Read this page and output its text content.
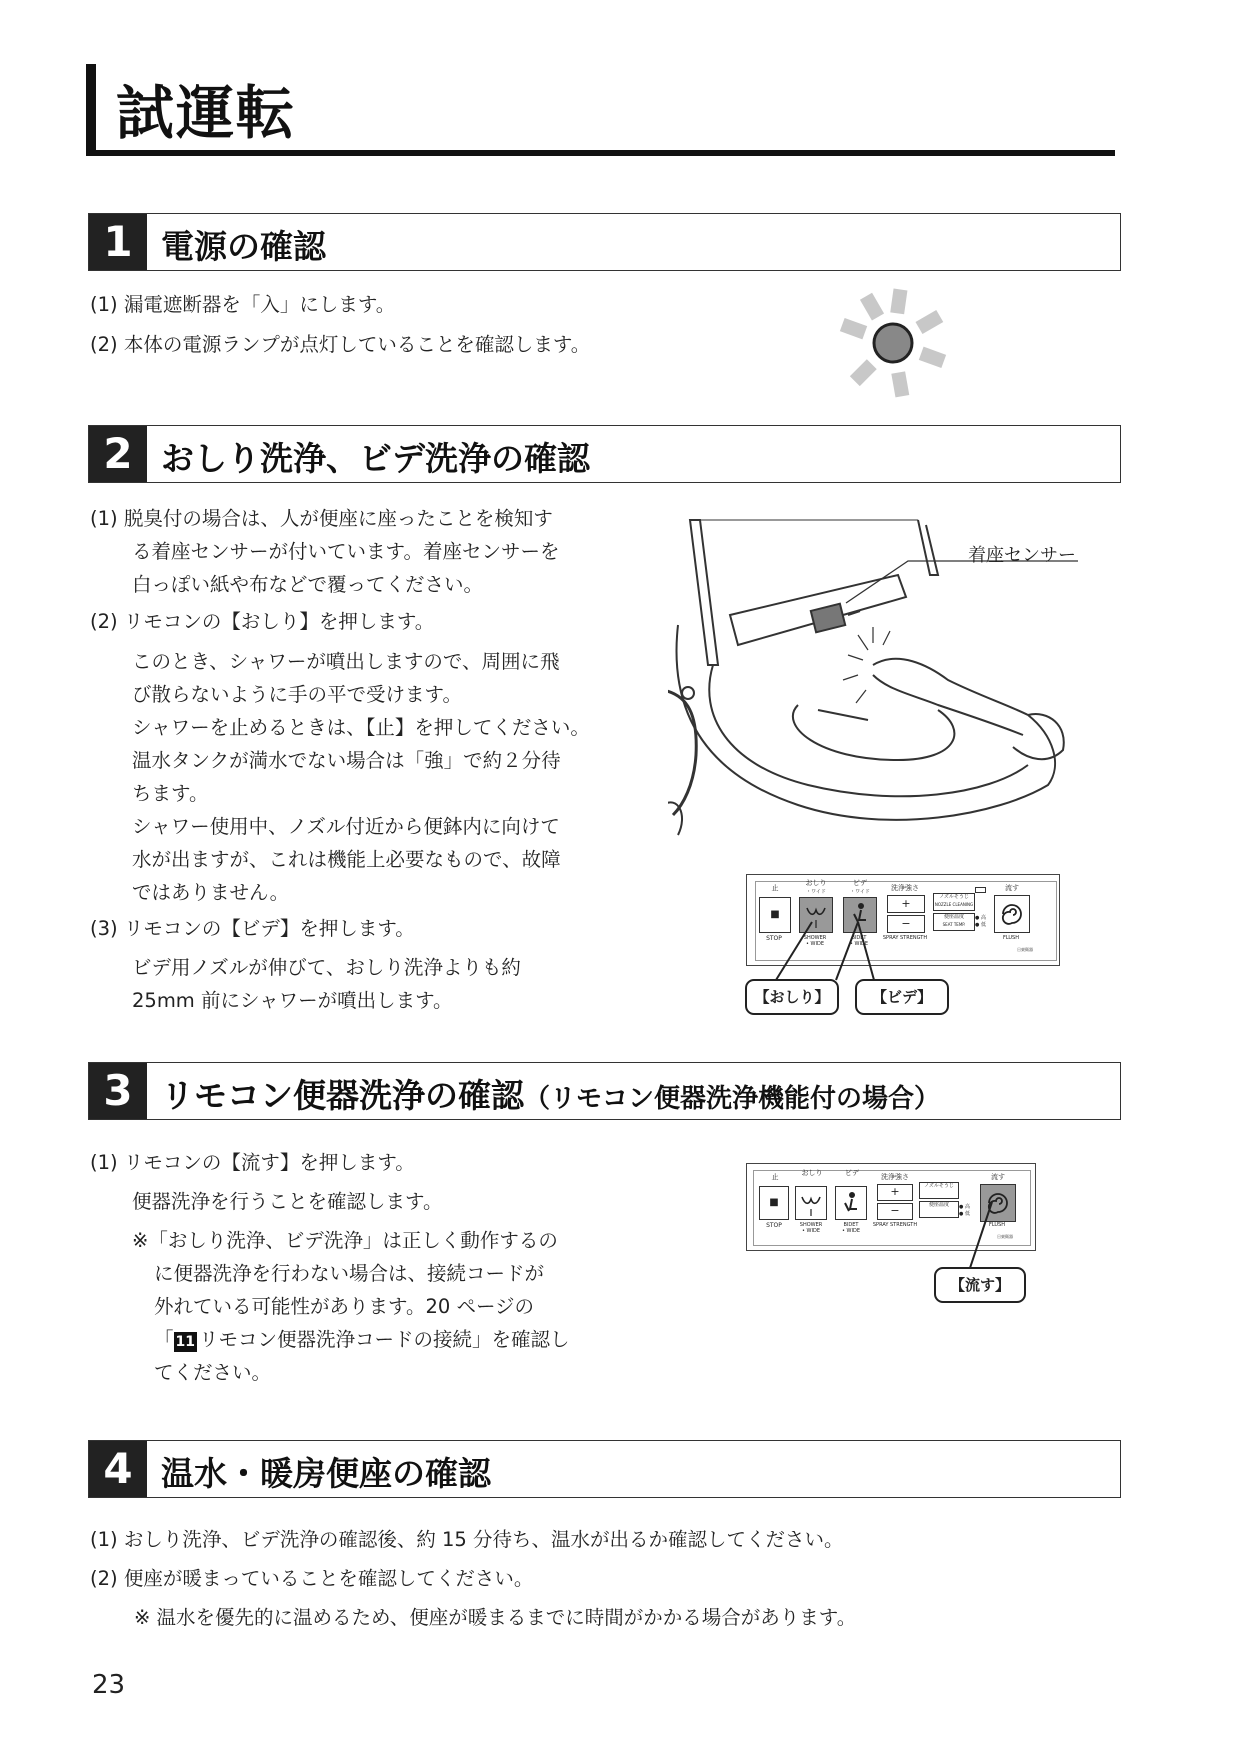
試運転
1 電源の確認
(1) 漏電遮断器を「入」にします。
(2) 本体の電源ランプが点灯していることを確認します。
2 おしり洗浄、ビデ洗浄の確認
(1) 脱臭付の場合は、人が便座に座ったことを検知す
る着座センサーが付いています。着座センサーを
白っぽい紙や布などで覆ってください。
(2) リモコンの【おしり】を押します。
このとき、シャワーが噴出しますので、周囲に飛
び散らないように手の平で受けます。
シャワーを止めるときは、【止】を押してください。
温水タンクが満水でない場合は「強」で約２分待
ちます。
シャワー使用中、ノズル付近から便鉢内に向けて
水が出ますが、これは機能上必要なもので、故障
ではありません。
(3) リモコンの【ビデ】を押します。
ビデ用ノズルが伸びて、おしり洗浄よりも約
25mm 前にシャワーが噴出します。
着座センサー
止
■
STOP
おしり
・ワイド
SHOWER
• WIDE
ビデ
・ワイド
BIDET
• WIDE
洗浄強さ
+
−
SPRAY STRENGTH
ノズルそうじ
NOZZLE CLEANING
便座温度
SEAT TEMP.
● 高
● 低
流す
FLUSH
日東衛器
【おしり】	【ビデ】
3 リモコン便器洗浄の確認（リモコン便器洗浄機能付の場合）
(1) リモコンの【流す】を押します。
便器洗浄を行うことを確認します。
※「おしり洗浄、ビデ洗浄」は正しく動作するの
に便器洗浄を行わない場合は、接続コードが
外れている可能性があります。20 ページの
「 11 リモコン便器洗浄コードの接続」を確認し
てください。
止
■
STOP
おしり
SHOWER
• WIDE
ビデ
BIDET
• WIDE
洗浄強さ
+
−
SPRAY STRENGTH
ノズルそうじ
便座温度	● 高
● 低
流す
FLUSH
日東衛器
【流す】
4 温水・暖房便座の確認
(1) おしり洗浄、ビデ洗浄の確認後、約 15 分待ち、温水が出るか確認してください。
(2) 便座が暖まっていることを確認してください。
※ 温水を優先的に温めるため、便座が暖まるまでに時間がかかる場合があります。
23
